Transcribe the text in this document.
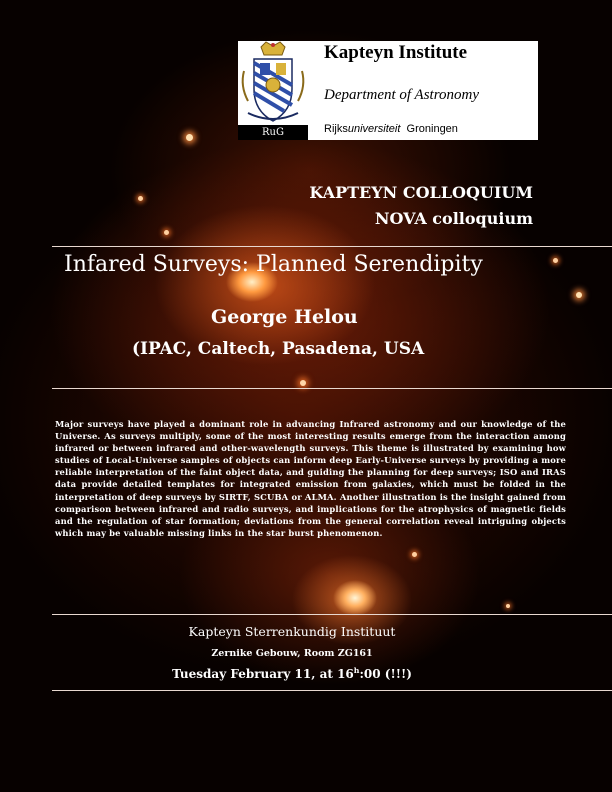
RuG
Kapteyn Institute
Department of Astronomy
Rijksuniversiteit Groningen
KAPTEYN COLLOQUIUM
NOVA colloquium
Infared Surveys: Planned Serendipity
George Helou
(IPAC, Caltech, Pasadena, USA
Major surveys have played a dominant role in advancing Infrared astronomy and our knowledge of the Universe. As surveys multiply, some of the most interesting results emerge from the interaction among infrared or between infrared and other-wavelength surveys. This theme is illustrated by examining how studies of Local-Universe samples of objects can inform deep Early-Universe surveys by providing a more reliable interpretation of the faint object data, and guiding the planning for deep surveys; ISO and IRAS data provide detailed templates for integrated emission from galaxies, which must be folded in the interpretation of deep surveys by SIRTF, SCUBA or ALMA. Another illustration is the insight gained from comparison between infrared and radio surveys, and implications for the atrophysics of magnetic fields and the regulation of star formation; deviations from the general correlation reveal intriguing objects which may be valuable missing links in the star burst phenomenon.
Kapteyn Sterrenkundig Instituut
Zernike Gebouw, Room ZG161
Tuesday February 11, at 16$^h$:00 (!!!)
